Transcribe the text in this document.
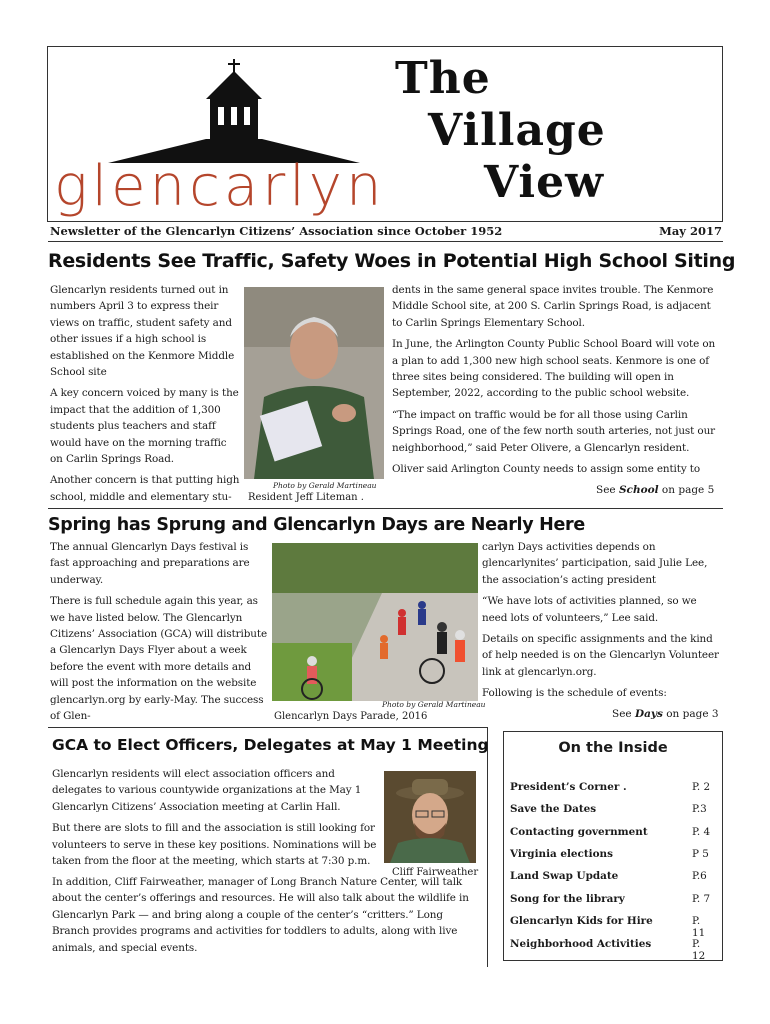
glencarlyn
The
Village
View
Newsletter of the Glencarlyn Citizens’ Association since October 1952	May 2017
Residents See Traffic, Safety Woes in Potential High School Siting

Glencarlyn residents turned out in numbers April 3 to express their views on traffic, student safety and other issues if a high school is established on the Kenmore Middle School site

A key concern voiced by many is the impact that the addition of 1,300 students plus teachers and staff would have on the morning traffic on Carlin Springs Road.

Another concern is that putting high school, middle and elementary stu-

Photo by Gerald Martineau
Resident Jeff Liteman .

dents in the same general space invites trouble. The Kenmore Middle School site, at 200 S. Carlin Springs Road, is adjacent to Carlin Springs Elementary School.

In June, the Arlington County Public School Board will vote on a plan to add 1,300 new high school seats. Kenmore is one of three sites being considered. The building will open in September, 2022, according to the public school website.

“The impact on traffic would be for all those using Carlin Springs Road, one of the few north south arteries, not just our neighborhood,” said Peter Olivere, a Glencarlyn resident.

Oliver said Arlington County needs to assign some entity to

See School on page 5
Spring has Sprung and Glencarlyn Days are Nearly Here

The annual Glencarlyn Days festival is fast approaching and preparations are underway.

There is full schedule again this year, as we have listed below. The Glencarlyn Citizens’ Association (GCA) will distribute a Glencarlyn Days Flyer about a week before the event with more details and will post the information on the website glencarlyn.org by early-May. The success of Glen-

Photo by Gerald Martineau
Glencarlyn Days Parade, 2016

carlyn Days activities depends on glencarlynites’ participation, said Julie Lee, the association’s acting president

“We have lots of activities planned, so we need lots of volunteers,” Lee said.

Details on specific assignments and the kind of help needed is on the Glencarlyn Volunteer link at glencarlyn.org.

Following is the schedule of events:

See Days on page 3
GCA to Elect Officers, Delegates at May 1 Meeting

Glencarlyn residents will elect association officers and delegates to various countywide organizations at the May 1 Glencarlyn Citizens’ Association meeting at Carlin Hall.

But there are slots to fill and the association is still looking for volunteers to serve in these key positions. Nominations will be taken from the floor at the meeting, which starts at 7:30 p.m.

Cliff Fairweather

In addition, Cliff Fairweather, manager of Long Branch Nature Center, will talk about the center’s offerings and resources. He will also talk about the wildlife in Glencarlyn Park — and bring along a couple of the center’s “critters.” Long Branch provides programs and activities for toddlers to adults, along with live animals, and special events.

On the Inside
President’s Corner .	P. 2
Save the Dates	P.3
Contacting government	P. 4
Virginia elections	P 5
Land Swap Update	P.6
Song for the library	P. 7
Glencarlyn Kids for Hire	P. 11
Neighborhood Activities	P. 12
